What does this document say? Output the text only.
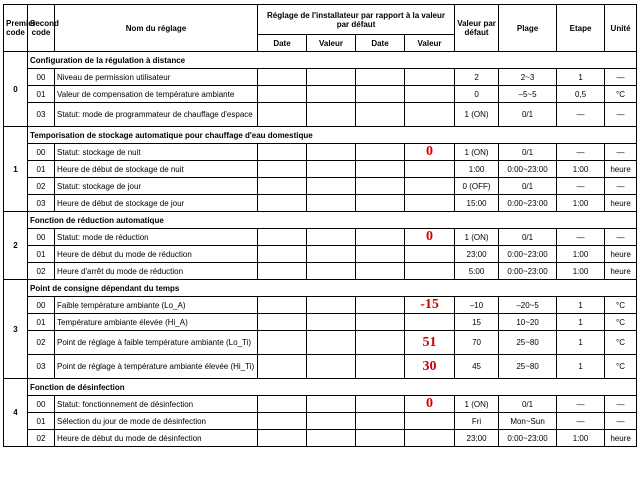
Premier code	Second code	Nom du réglage	Réglage de l'installateur par rapport à la valeur par défaut				Valeur par défaut	Plage	Etape	Unité
			Date	Valeur	Date	Valeur				
0	Configuration de la régulation à distance									
	00	Niveau de permission utilisateur					2	2~3	1	—
	01	Valeur de compensation de température ambiante					0	–5~5	0,5	°C
	03	Statut: mode de programmateur de chauffage d'espace					1 (ON)	0/1	—	—
1	Temporisation de stockage automatique pour chauffage d'eau domestique									
	00	Statut: stockage de nuit				0	1 (ON)	0/1	—	—
	01	Heure de début de stockage de nuit					1:00	0:00~23:00	1:00	heure
	02	Statut: stockage de jour					0 (OFF)	0/1	—	—
	03	Heure de début de stockage de jour					15:00	0:00~23:00	1:00	heure
2	Fonction de réduction automatique									
	00	Statut: mode de réduction				0	1 (ON)	0/1	—	—
	01	Heure de début du mode de réduction					23:00	0:00~23:00	1:00	heure
	02	Heure d'arrêt du mode de réduction					5:00	0:00~23:00	1:00	heure
3	Point de consigne dépendant du temps									
	00	Faible température ambiante (Lo_A)				-15	–10	–20~5	1	°C
	01	Température ambiante élevée (Hi_A)					15	10~20	1	°C
	02	Point de réglage à faible température ambiante (Lo_Ti)				51	70	25~80	1	°C
	03	Point de réglage à température ambiante élevée (Hi_Ti)				30	45	25~80	1	°C
4	Fonction de désinfection									
	00	Statut: fonctionnement de désinfection				0	1 (ON)	0/1	—	—
	01	Sélection du jour de mode de désinfection					Fri	Mon~Sun	—	—
	02	Heure de début du mode de désinfection					23:00	0:00~23:00	1:00	heure
